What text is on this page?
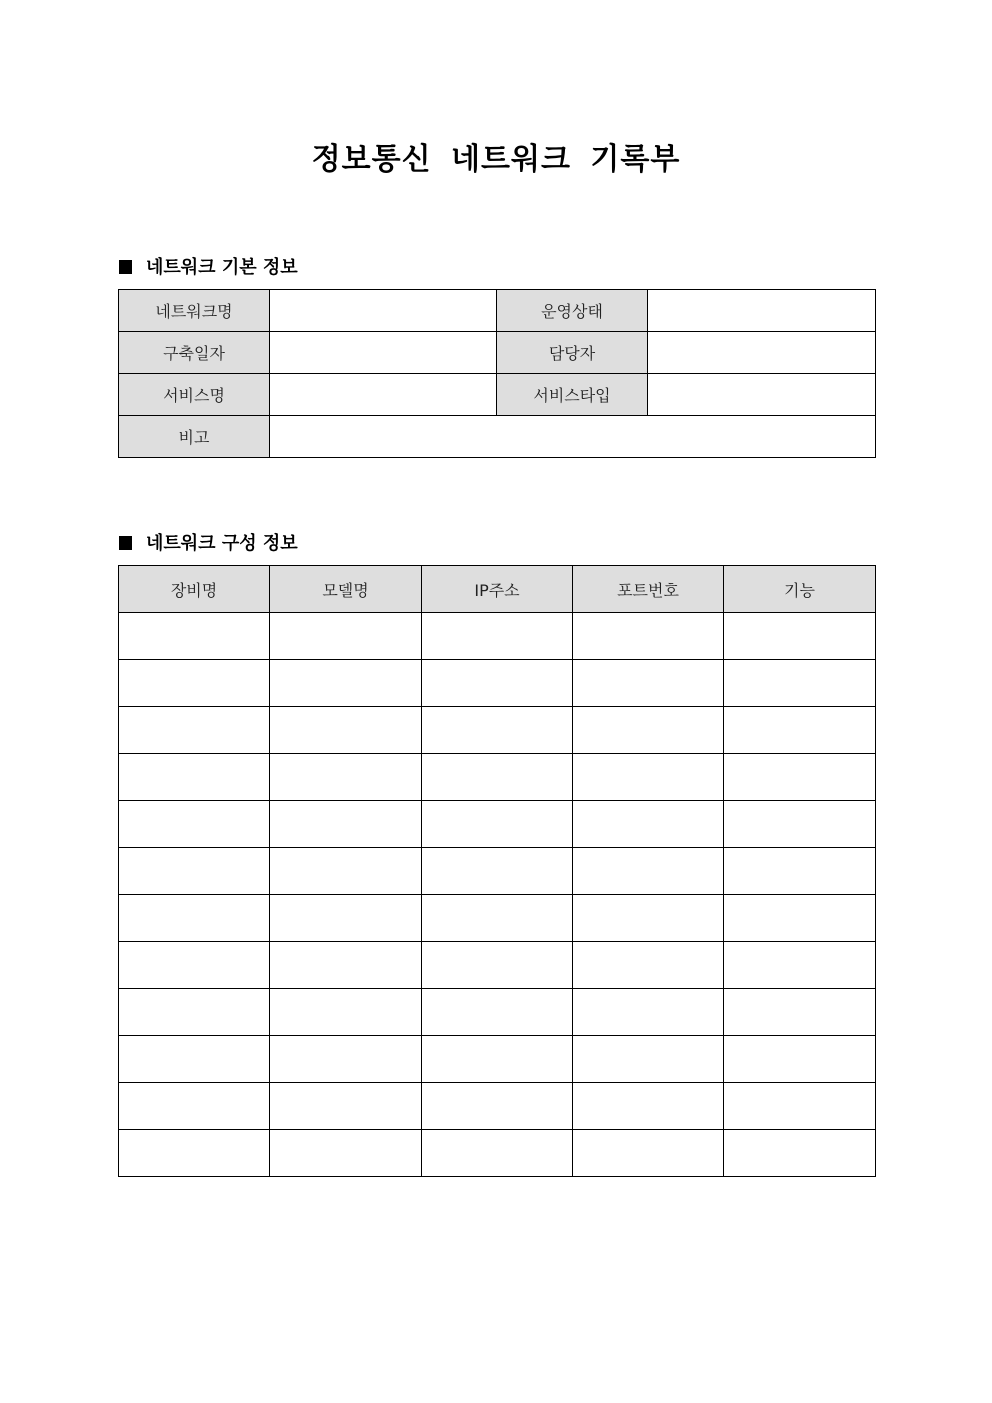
정보통신 네트워크 기록부
네트워크 기본 정보
네트워크명		운영상태	
구축일자		담당자	
서비스명		서비스타입	
비고			
네트워크 구성 정보
장비명	모델명	IP주소	포트번호	기능
